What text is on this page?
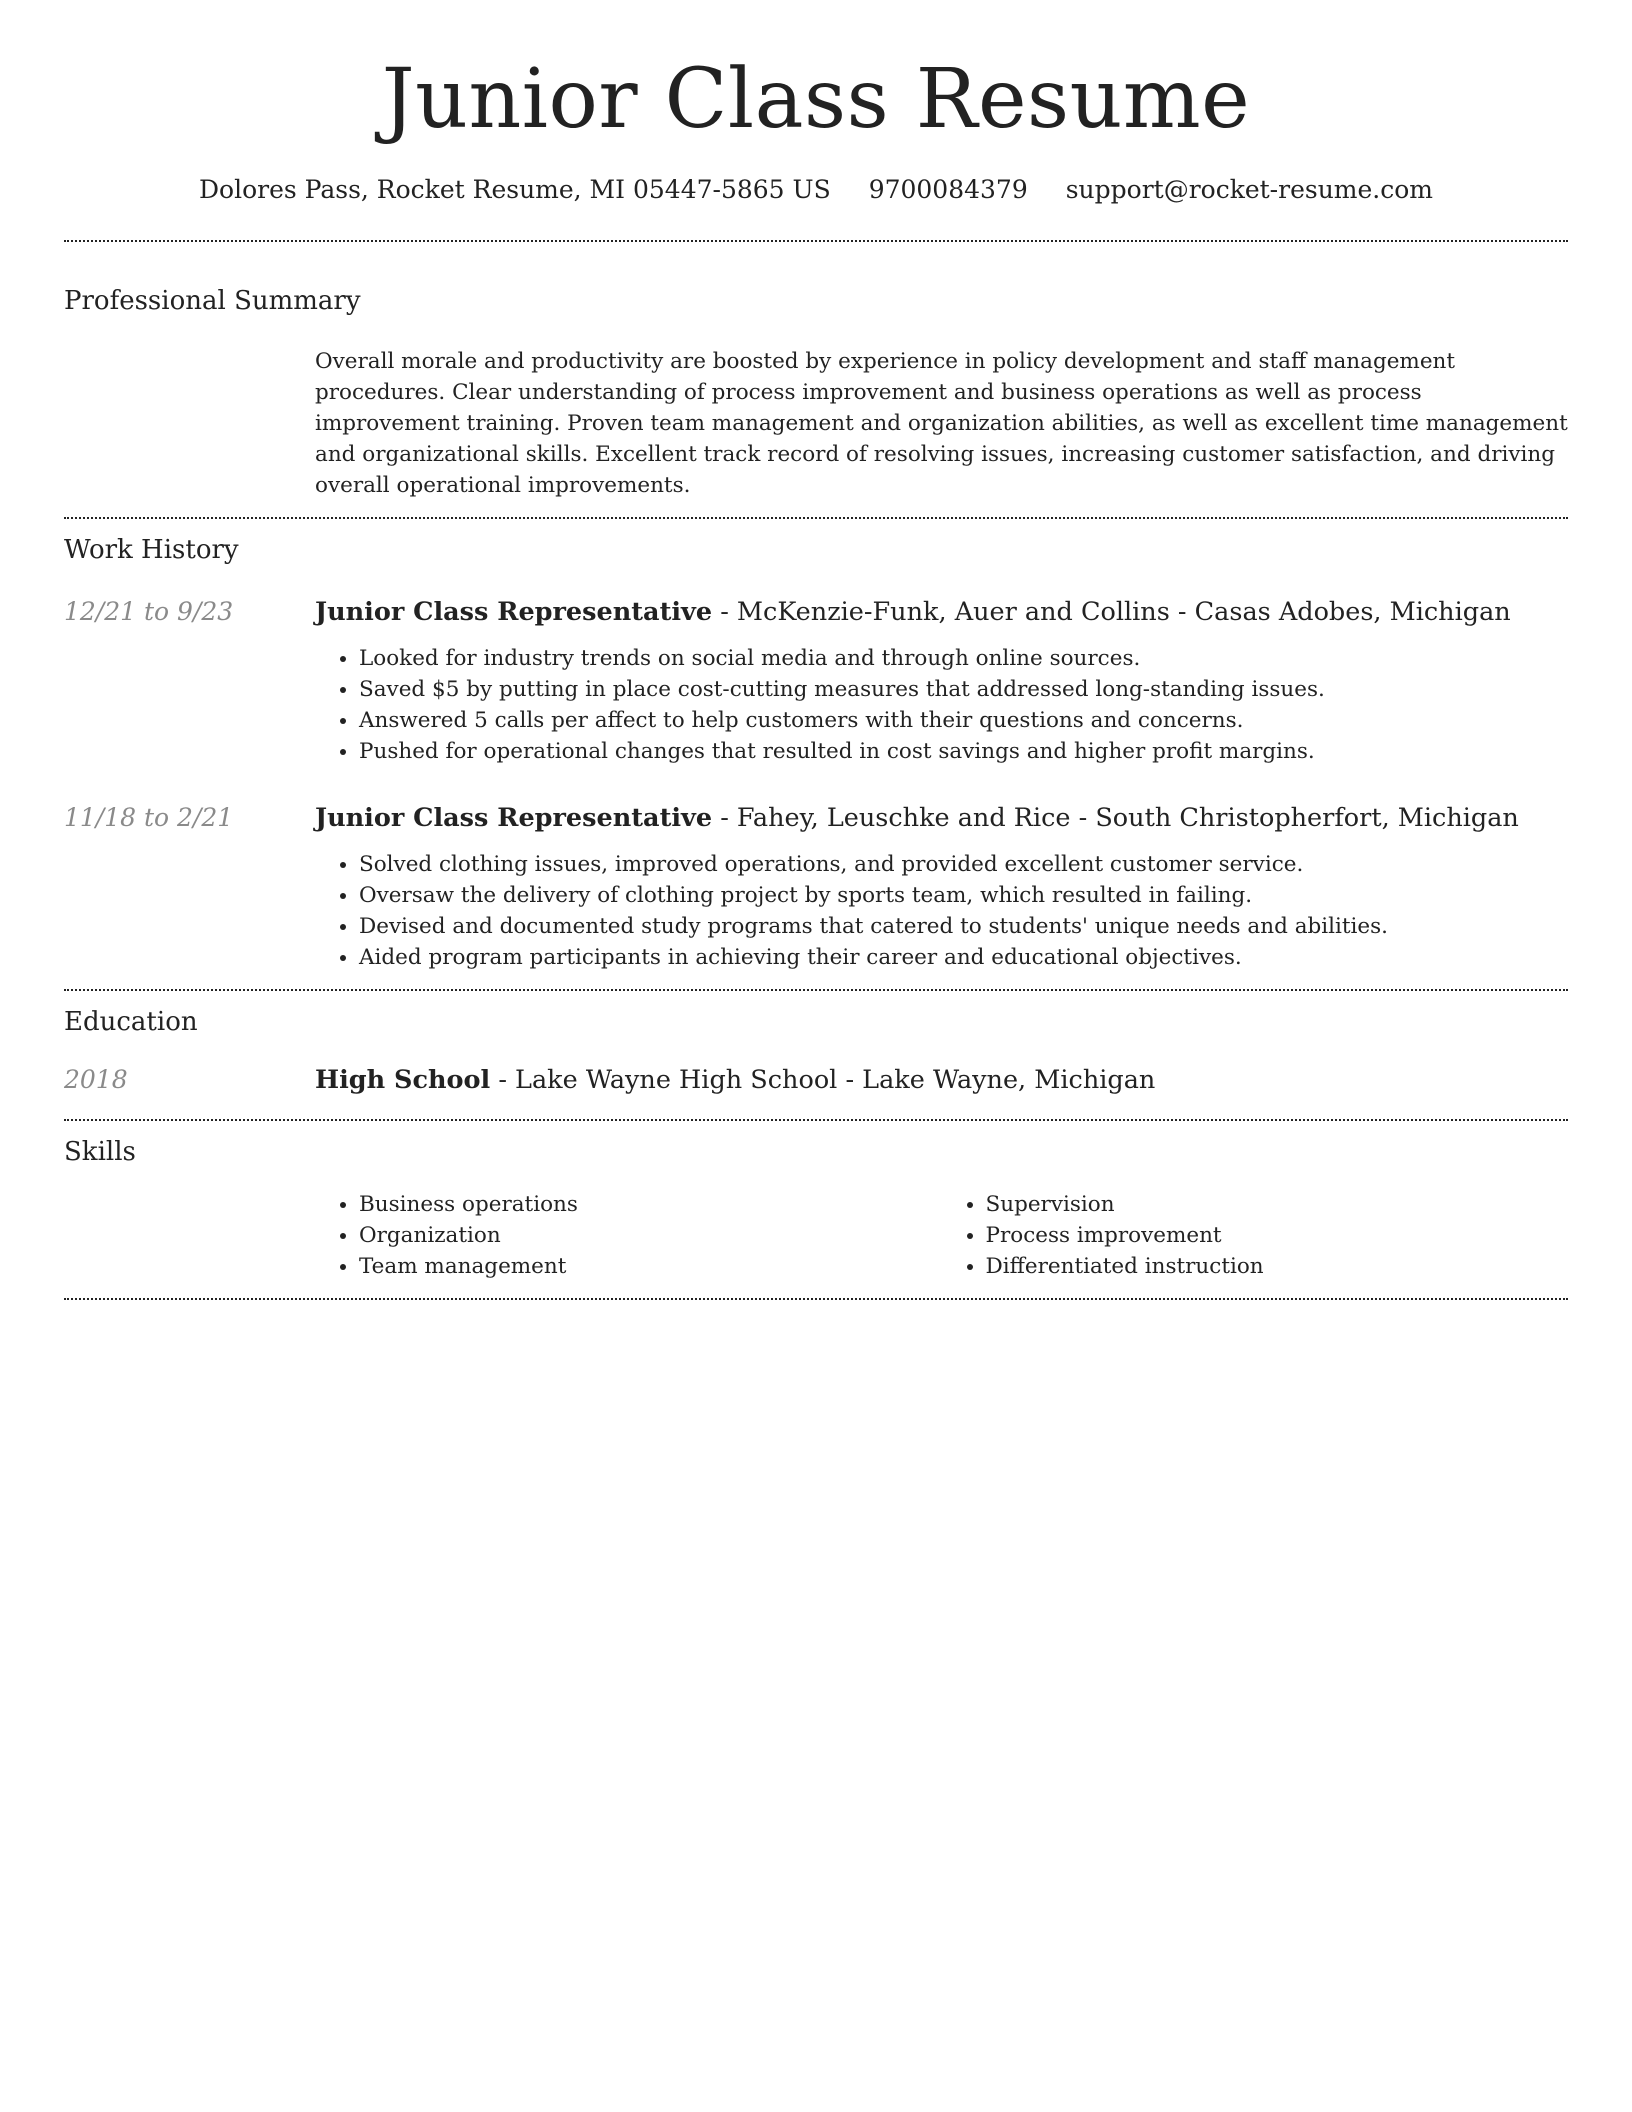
Junior Class Resume
Dolores Pass, Rocket Resume, MI 05447-5865 US 9700084379 support@rocket-resume.com
Professional Summary

Overall morale and productivity are boosted by experience in policy development and staff management procedures. Clear understanding of process improvement and business operations as well as process improvement training. Proven team management and organization abilities, as well as excellent time management and organizational skills. Excellent track record of resolving issues, increasing customer satisfaction, and driving overall operational improvements.

Work History
12/21 to 9/23	Junior Class Representative - McKenzie-Funk, Auer and Collins - Casas Adobes, Michigan
• Looked for industry trends on social media and through online sources.
• Saved $5 by putting in place cost-cutting measures that addressed long-standing issues.
• Answered 5 calls per affect to help customers with their questions and concerns.
• Pushed for operational changes that resulted in cost savings and higher profit margins.
11/18 to 2/21	Junior Class Representative - Fahey, Leuschke and Rice - South Christopherfort, Michigan
• Solved clothing issues, improved operations, and provided excellent customer service.
• Oversaw the delivery of clothing project by sports team, which resulted in failing.
• Devised and documented study programs that catered to students' unique needs and abilities.
• Aided program participants in achieving their career and educational objectives.
Education
2018	High School - Lake Wayne High School - Lake Wayne, Michigan
Skills
• Business operations
• Organization
• Team management
• Supervision
• Process improvement
• Differentiated instruction
